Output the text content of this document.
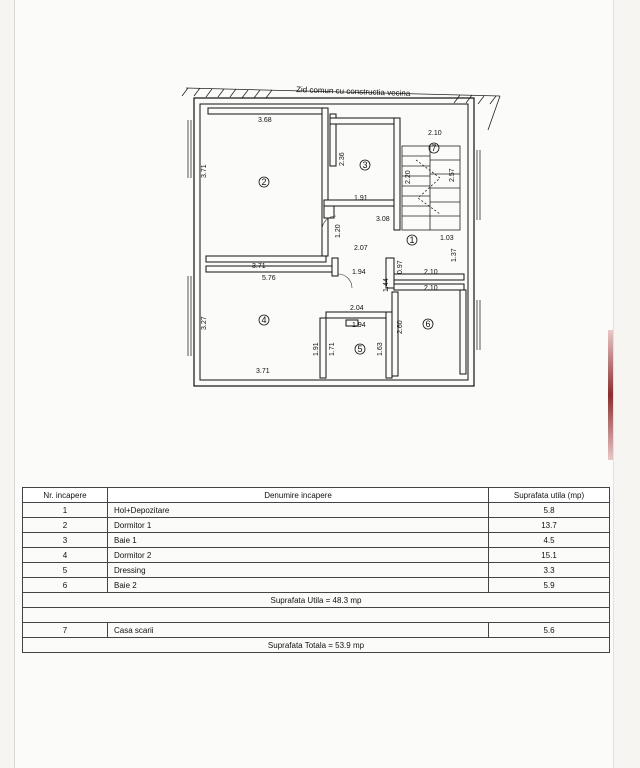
Zid comun cu constructia vecina
3.68
2.10
3.71
2.36
1.91
2.20	2.57
3.08
1.20
2.07
1.03
1.37
3.71
5.76
1.94	2.10
2.10
0.97
3.27
2.04
1.94	2.60
1.91 1.71	1.63
1.44
3.71
1
2
3
4
5
6
7
Nr. incapere	Denumire incapere	Suprafata utila (mp)
1	Hol+Depozitare	5.8
2	Dormitor 1	13.7
3	Baie 1	4.5
4	Dormitor 2	15.1
5	Dressing	3.3
6	Baie 2	5.9
Suprafata Utila = 48.3 mp		

7	Casa scarii	5.6
Suprafata Totala = 53.9 mp		
